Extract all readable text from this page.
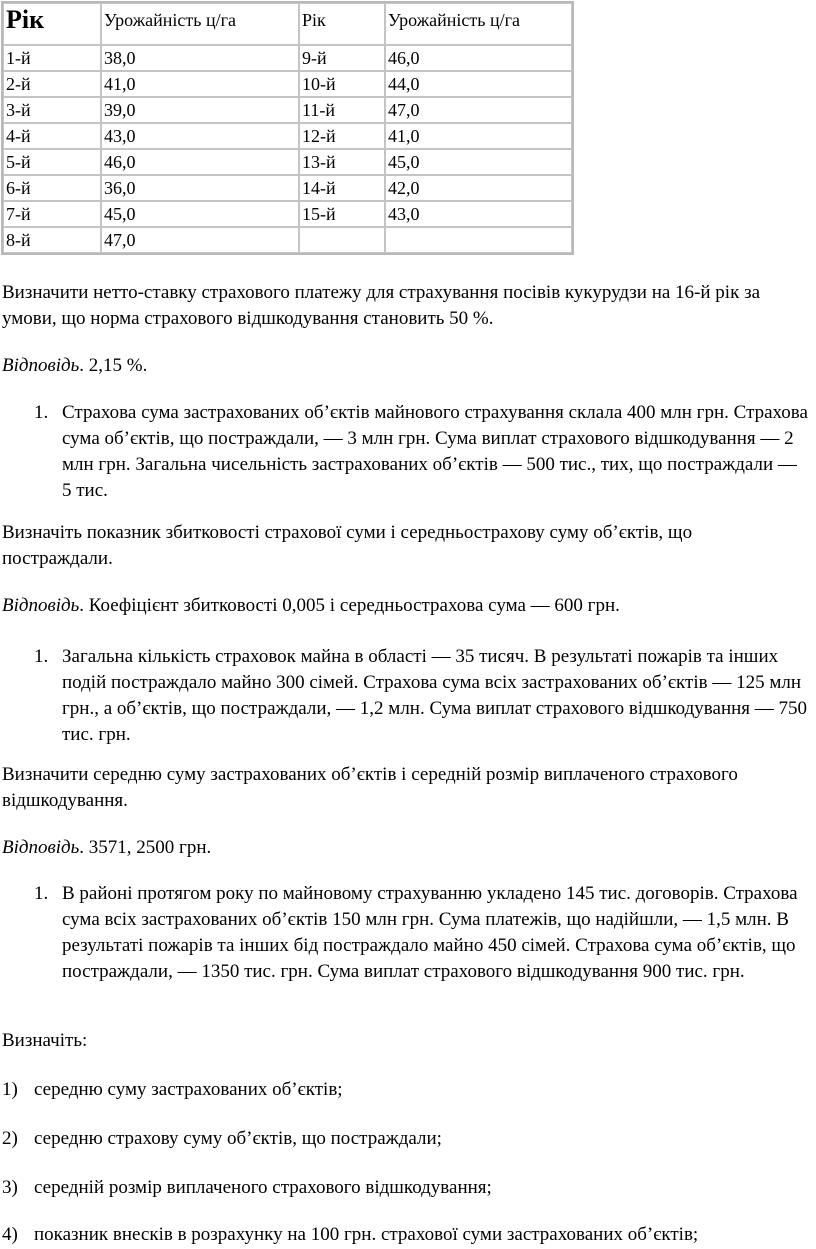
Рік	Урожайність ц/га	Рік	Урожайність ц/га
1-й	38,0	9-й	46,0
2-й	41,0	10-й	44,0
3-й	39,0	11-й	47,0
4-й	43,0	12-й	41,0
5-й	46,0	13-й	45,0
6-й	36,0	14-й	42,0
7-й	45,0	15-й	43,0
8-й	47,0		
Визначити нетто-ставку страхового платежу для страхування посівів кукурудзи на 16-й рік за умови, що норма страхового відшкодування становить 50 %.
Відповідь. 2,15 %.
1. Страхова сума застрахованих об’єктів майнового страхування склала 400 млн грн. Страхова сума об’єктів, що постраждали, — 3 млн грн. Сума виплат страхового відшкодування — 2 млн грн. Загальна чисельність застрахованих об’єктів — 500 тис., тих, що постраждали — 5 тис.
Визначіть показник збитковості страхової суми і середньострахову суму об’єктів, що постраждали.
Відповідь. Коефіцієнт збитковості 0,005 і середньострахова сума — 600 грн.
1. Загальна кількість страховок майна в області — 35 тисяч. В результаті пожарів та інших подій постраждало майно 300 сімей. Страхова сума всіх застрахованих об’єктів — 125 млн грн., а об’єктів, що постраждали, — 1,2 млн. Сума виплат страхового відшкодування — 750 тис. грн.
Визначити середню суму застрахованих об’єктів і середній розмір виплаченого страхового відшкодування.
Відповідь. 3571, 2500 грн.
1. В районі протягом року по майновому страхуванню укладено 145 тис. договорів. Страхова сума всіх застрахованих об’єктів 150 млн грн. Сума платежів, що надійшли, — 1,5 млн. В результаті пожарів та інших бід постраждало майно 450 сімей. Страхова сума об’єктів, що постраждали, — 1350 тис. грн. Сума виплат страхового відшкодування 900 тис. грн.
Визначіть:
1) середню суму застрахованих об’єктів;
2) середню страхову суму об’єктів, що постраждали;
3) середній розмір виплаченого страхового відшкодування;
4) показник внесків в розрахунку на 100 грн. страхової суми застрахованих об’єктів;
